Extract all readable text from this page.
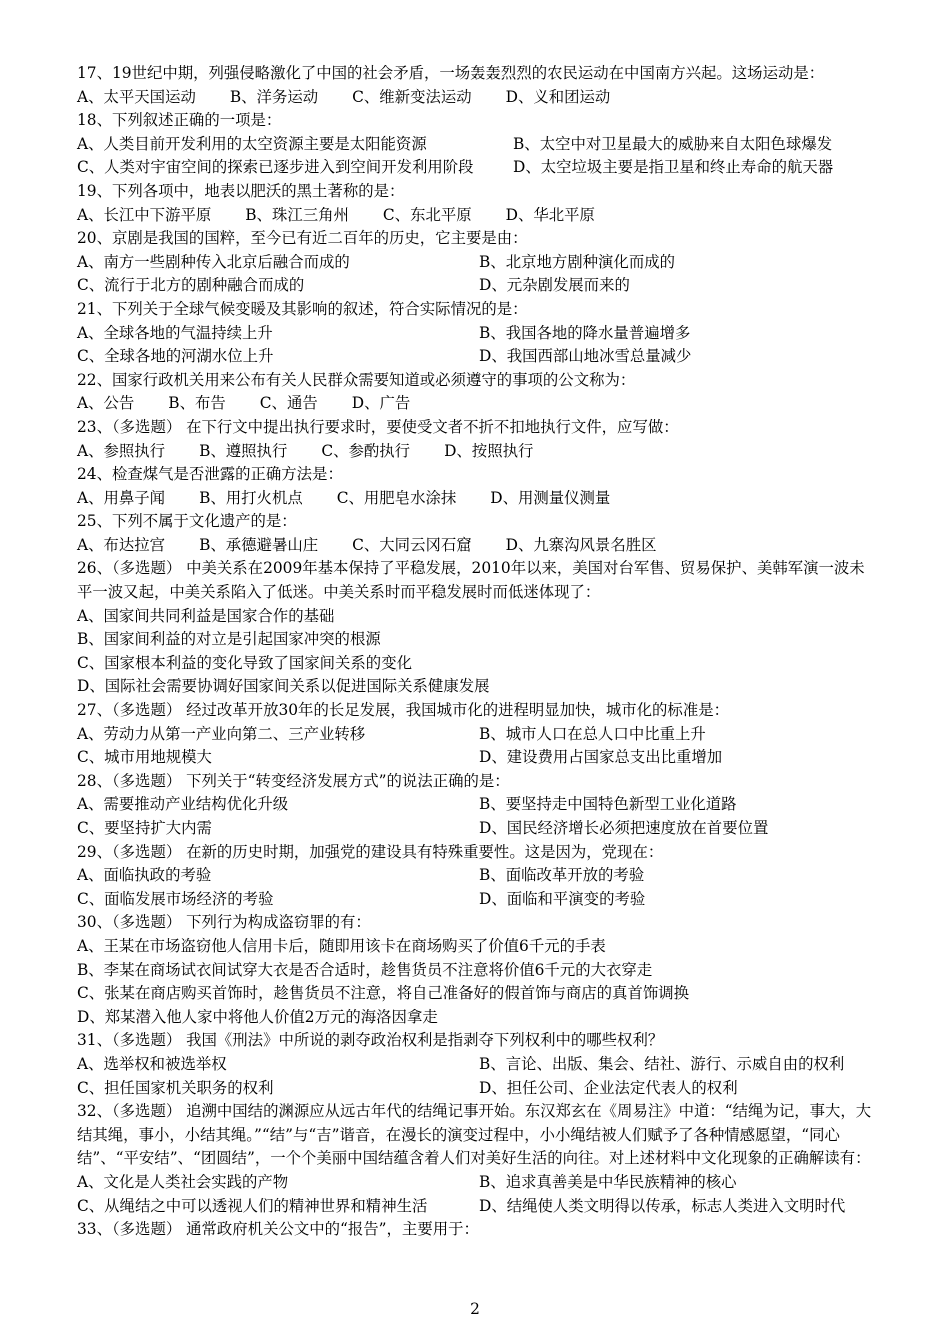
17、19世纪中期，列强侵略激化了中国的社会矛盾，一场轰轰烈烈的农民运动在中国南方兴起。这场运动是：
A、太平天国运动 B、洋务运动 C、维新变法运动 D、义和团运动
18、下列叙述正确的一项是：
A、人类目前开发利用的太空资源主要是太阳能资源	B、太空中对卫星最大的威胁来自太阳色球爆发
C、人类对宇宙空间的探索已逐步进入到空间开发利用阶段	D、太空垃圾主要是指卫星和终止寿命的航天器
19、下列各项中，地表以肥沃的黑土著称的是：
A、长江中下游平原 B、珠江三角州 C、东北平原 D、华北平原
20、京剧是我国的国粹，至今已有近二百年的历史，它主要是由：
A、南方一些剧种传入北京后融合而成的	B、北京地方剧种演化而成的
C、流行于北方的剧种融合而成的	D、元杂剧发展而来的
21、下列关于全球气候变暖及其影响的叙述，符合实际情况的是：
A、全球各地的气温持续上升	B、我国各地的降水量普遍增多
C、全球各地的河湖水位上升	D、我国西部山地冰雪总量减少
22、国家行政机关用来公布有关人民群众需要知道或必须遵守的事项的公文称为：
A、公告 B、布告 C、通告 D、广告
23、（多选题） 在下行文中提出执行要求时，要使受文者不折不扣地执行文件，应写做：
A、参照执行 B、遵照执行 C、参酌执行 D、按照执行
24、检查煤气是否泄露的正确方法是：
A、用鼻子闻 B、用打火机点 C、用肥皂水涂抹 D、用测量仪测量
25、下列不属于文化遗产的是：
A、布达拉宫 B、承德避暑山庄 C、大同云冈石窟 D、九寨沟风景名胜区
26、（多选题） 中美关系在2009年基本保持了平稳发展，2010年以来，美国对台军售、贸易保护、美韩军演一波未平一波又起，中美关系陷入了低迷。中美关系时而平稳发展时而低迷体现了：
A、国家间共同利益是国家合作的基础
B、国家间利益的对立是引起国家冲突的根源
C、国家根本利益的变化导致了国家间关系的变化
D、国际社会需要协调好国家间关系以促进国际关系健康发展
27、（多选题） 经过改革开放30年的长足发展，我国城市化的进程明显加快，城市化的标准是：
A、劳动力从第一产业向第二、三产业转移	B、城市人口在总人口中比重上升
C、城市用地规模大	D、建设费用占国家总支出比重增加
28、（多选题） 下列关于“转变经济发展方式”的说法正确的是：
A、需要推动产业结构优化升级	B、要坚持走中国特色新型工业化道路
C、要坚持扩大内需	D、国民经济增长必须把速度放在首要位置
29、（多选题） 在新的历史时期，加强党的建设具有特殊重要性。这是因为，党现在：
A、面临执政的考验	B、面临改革开放的考验
C、面临发展市场经济的考验	D、面临和平演变的考验
30、（多选题） 下列行为构成盗窃罪的有：
A、王某在市场盗窃他人信用卡后，随即用该卡在商场购买了价值6千元的手表
B、李某在商场试衣间试穿大衣是否合适时，趁售货员不注意将价值6千元的大衣穿走
C、张某在商店购买首饰时，趁售货员不注意，将自己准备好的假首饰与商店的真首饰调换
D、郑某潜入他人家中将他人价值2万元的海洛因拿走
31、（多选题） 我国《刑法》中所说的剥夺政治权利是指剥夺下列权利中的哪些权利？
A、选举权和被选举权	B、言论、出版、集会、结社、游行、示威自由的权利
C、担任国家机关职务的权利	D、担任公司、企业法定代表人的权利
32、（多选题） 追溯中国结的渊源应从远古年代的结绳记事开始。东汉郑玄在《周易注》中道：“结绳为记，事大，大结其绳，事小，小结其绳。”“结”与“吉”谐音，在漫长的演变过程中，小小绳结被人们赋予了各种情感愿望，“同心结”、“平安结”、“团圆结”，一个个美丽中国结蕴含着人们对美好生活的向往。对上述材料中文化现象的正确解读有：
A、文化是人类社会实践的产物	B、追求真善美是中华民族精神的核心
C、从绳结之中可以透视人们的精神世界和精神生活	D、结绳使人类文明得以传承，标志人类进入文明时代
33、（多选题） 通常政府机关公文中的“报告”，主要用于：
2
